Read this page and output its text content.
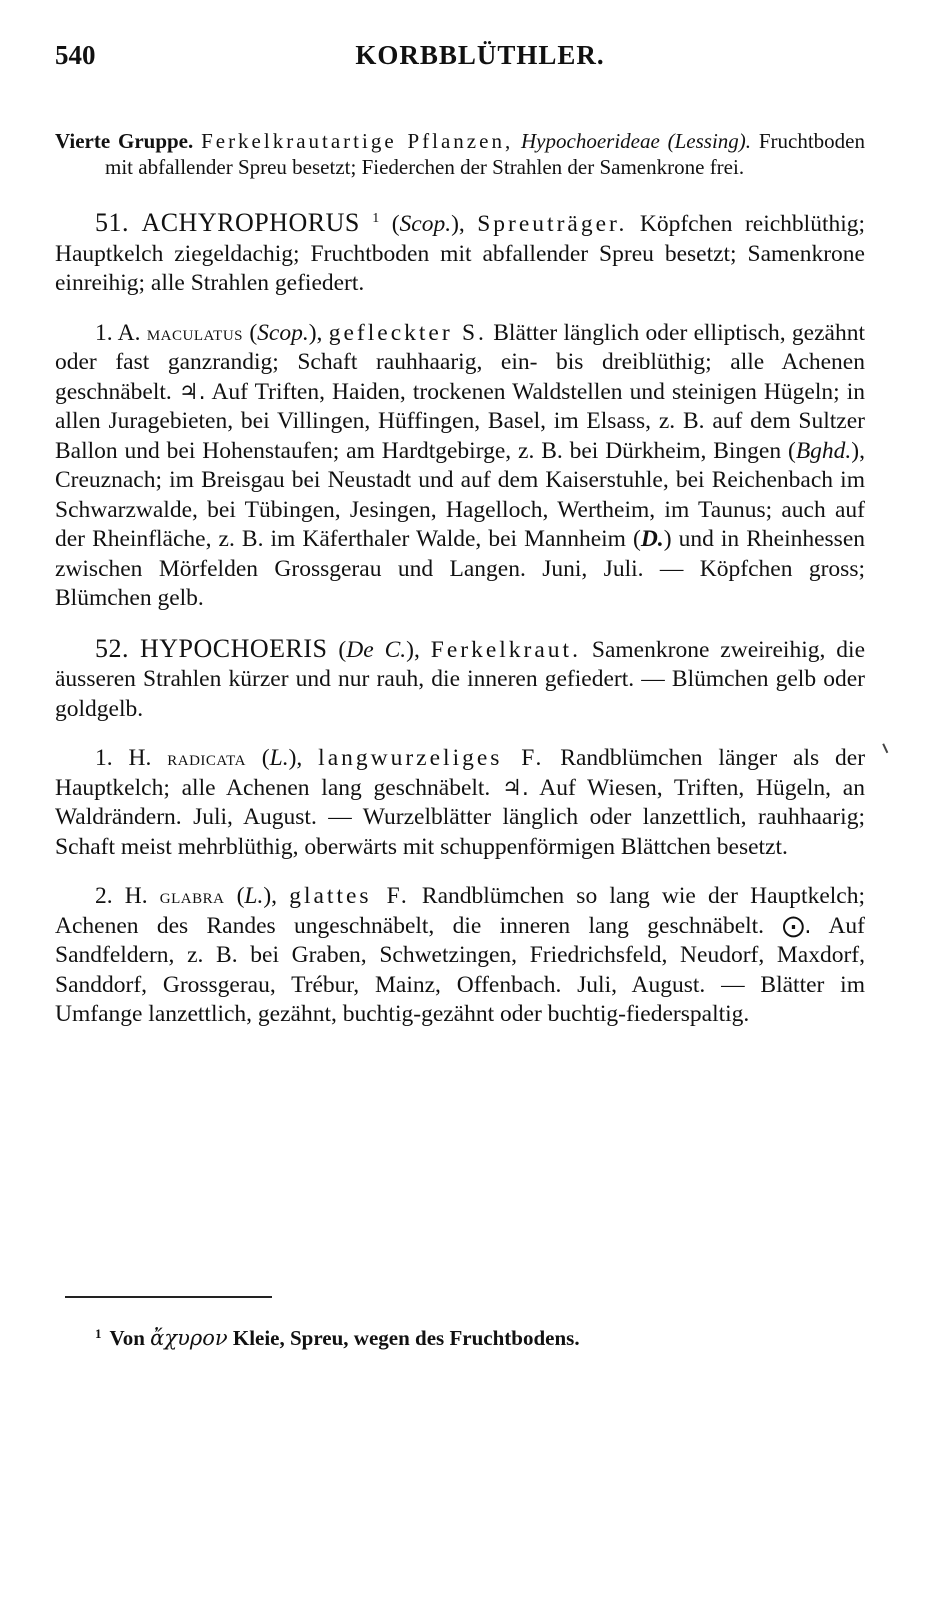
540	KORBBLÜTHLER.

Vierte Gruppe. Ferkelkrautartige Pflanzen, Hypochoerideae (Lessing). Fruchtboden mit abfallender Spreu besetzt; Fiederchen der Strahlen der Samenkrone frei.

51. ACHYROPHORUS $^1$ (Scop.), Spreuträger. Köpfchen reichblüthig; Hauptkelch ziegeldachig; Fruchtboden mit abfallender Spreu besetzt; Samenkrone einreihig; alle Strahlen gefiedert.

1. A. maculatus (Scop.), gefleckter S. Blätter länglich oder elliptisch, gezähnt oder fast ganzrandig; Schaft rauhhaarig, ein- bis dreiblüthig; alle Achenen geschnäbelt. ♃. Auf Triften, Haiden, trockenen Waldstellen und steinigen Hügeln; in allen Juragebieten, bei Villingen, Hüffingen, Basel, im Elsass, z. B. auf dem Sultzer Ballon und bei Hohenstaufen; am Hardtgebirge, z. B. bei Dürkheim, Bingen (Bghd.), Creuznach; im Breisgau bei Neustadt und auf dem Kaiserstuhle, bei Reichenbach im Schwarzwalde, bei Tübingen, Jesingen, Hagelloch, Wertheim, im Taunus; auch auf der Rheinfläche, z. B. im Käferthaler Walde, bei Mannheim (D.) und in Rheinhessen zwischen Mörfelden Grossgerau und Langen. Juni, Juli. — Köpfchen gross; Blümchen gelb.

52. HYPOCHOERIS (De C.), Ferkelkraut. Samenkrone zweireihig, die äusseren Strahlen kürzer und nur rauh, die inneren gefiedert. — Blümchen gelb oder goldgelb.

1. H. radicata (L.), langwurzeliges F. Randblümchen länger als der Hauptkelch; alle Achenen lang geschnäbelt. ♃. Auf Wiesen, Triften, Hügeln, an Waldrändern. Juli, August. — Wurzelblätter länglich oder lanzettlich, rauhhaarig; Schaft meist mehrblüthig, oberwärts mit schuppenförmigen Blättchen besetzt.

2. H. glabra (L.), glattes F. Randblümchen so lang wie der Hauptkelch; Achenen des Randes ungeschnäbelt, die inneren lang geschnäbelt. ⨀. Auf Sandfeldern, z. B. bei Graben, Schwetzingen, Friedrichsfeld, Neudorf, Maxdorf, Sanddorf, Grossgerau, Trébur, Mainz, Offenbach. Juli, August. — Blätter im Umfange lanzettlich, gezähnt, buchtig-gezähnt oder buchtig-fiederspaltig.

$^1$ Von ἄχυρον Kleie, Spreu, wegen des Fruchtbodens.
